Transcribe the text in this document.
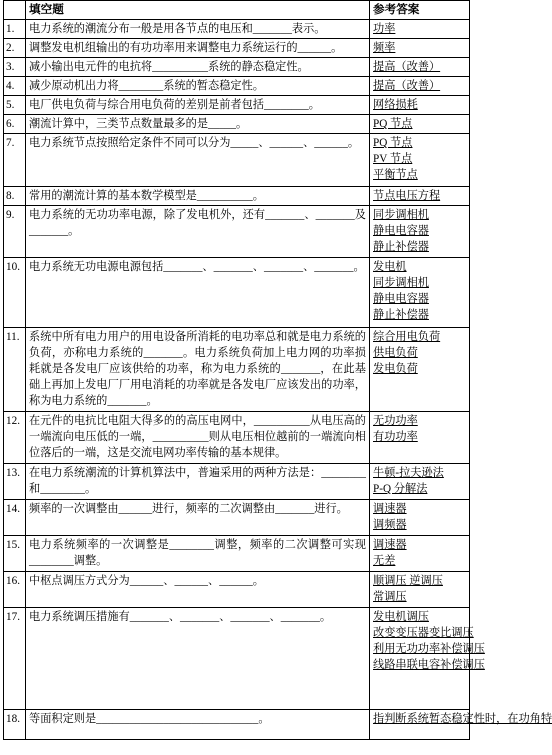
	填空题	参考答案
1.	电力系统的潮流分布一般是用各节点的电压和_______表示。	功率

2.	调整发电机组输出的有功功率用来调整电力系统运行的______。	频率

3.	减小输出电元件的电抗将__________系统的静态稳定性。	提高（改善）

4.	减少原动机出力将________系统的暂态稳定性。	提高（改善）

5.	电厂供电负荷与综合用电负荷的差别是前者包括________。	网络损耗

6.	潮流计算中，三类节点数量最多的是_____。	PQ 节点

7.	电力系统节点按照给定条件不同可以分为_____、______、______。	PQ 节点
PV 节点
平衡节点

8.	常用的潮流计算的基本数学模型是__________。	节点电压方程

9.	电力系统的无功功率电源，除了发电机外，还有_______、_______及_______。	同步调相机
静电电容器
静止补偿器

10.	电力系统无功电源电源包括_______、_______、_______、_______。	发电机
同步调相机
静电电容器
静止补偿器

11.	系统中所有电力用户的用电设备所消耗的电功率总和就是电力系统的负荷，亦称电力系统的_______。电力系统负荷加上电力网的功率损耗就是各发电厂应该供给的功率，称为电力系统的_______，在此基础上再加上发电厂厂用电消耗的功率就是各发电厂应该发出的功率，称为电力系统的_______。	综合用电负荷
供电负荷
发电负荷

12.	在元件的电抗比电阻大得多的的高压电网中，__________从电压高的一端流向电压低的一端，__________则从电压相位越前的一端流向相位落后的一端，这是交流电网功率传输的基本规律。	无功功率
有功功率

13.	在电力系统潮流的计算机算法中，普遍采用的两种方法是：________和________。	牛顿-拉夫逊法
P-Q 分解法

14.	频率的一次调整由______进行，频率的二次调整由_______进行。	调速器
调频器

15.	电力系统频率的一次调整是________调整，频率的二次调整可实现________调整。	调速器
无差

16.	中枢点调压方式分为______、______、______。	顺调压 逆调压
常调压

17.	电力系统调压措施有_______、_______、_______、_______。	发电机调压
改变变压器变比调压
利用无功功率补偿调压
线路串联电容补偿调压

18.	等面积定则是_____________________________。	指判断系统暂态稳定性时，在功角特
